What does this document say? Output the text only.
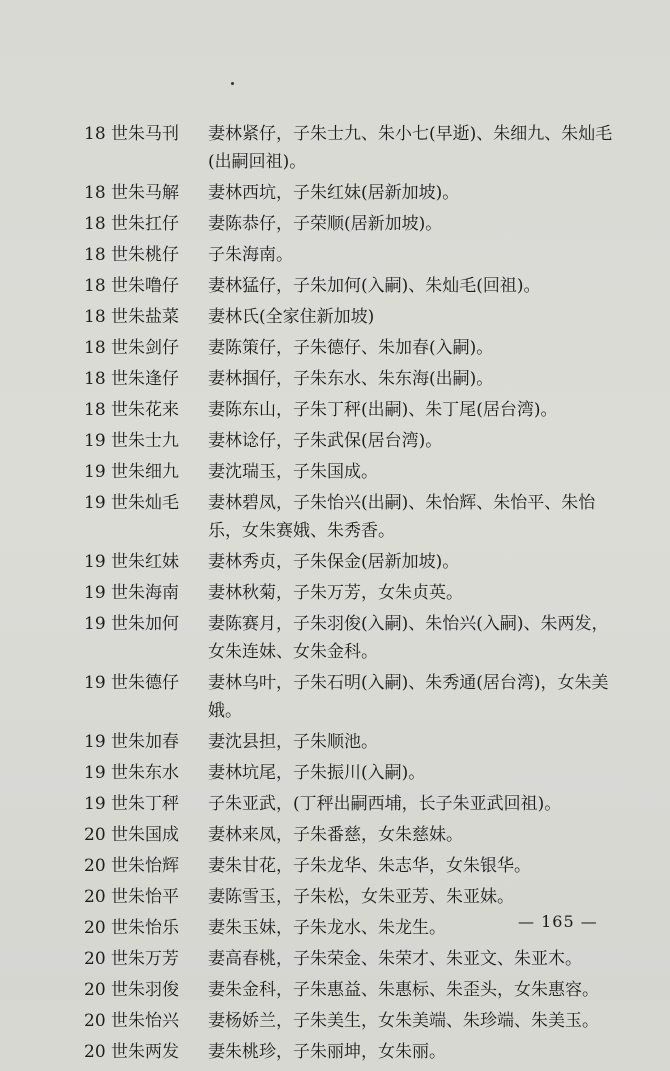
18 世朱马刊	妻林紧仔，子朱士九、朱小七(早逝)、朱细九、朱灿毛(出嗣回祖)。
18 世朱马解	妻林西坑，子朱红妹(居新加坡)。
18 世朱扛仔	妻陈恭仔，子荣顺(居新加坡)。
18 世朱桃仔	子朱海南。
18 世朱噜仔	妻林猛仔，子朱加何(入嗣)、朱灿毛(回祖)。
18 世朱盐菜	妻林氏(全家住新加坡)
18 世朱剑仔	妻陈策仔，子朱德仔、朱加春(入嗣)。
18 世朱逢仔	妻林掴仔，子朱东水、朱东海(出嗣)。
18 世朱花来	妻陈东山，子朱丁秤(出嗣)、朱丁尾(居台湾)。
19 世朱士九	妻林谂仔，子朱武保(居台湾)。
19 世朱细九	妻沈瑞玉，子朱国成。
19 世朱灿毛	妻林碧凤，子朱怡兴(出嗣)、朱怡辉、朱怡平、朱怡乐，女朱赛娥、朱秀香。
19 世朱红妹	妻林秀贞，子朱保金(居新加坡)。
19 世朱海南	妻林秋菊，子朱万芳，女朱贞英。
19 世朱加何	妻陈赛月，子朱羽俊(入嗣)、朱怡兴(入嗣)、朱两发，女朱连妹、女朱金科。
19 世朱德仔	妻林乌叶，子朱石明(入嗣)、朱秀通(居台湾)，女朱美娥。
19 世朱加春	妻沈县担，子朱顺池。
19 世朱东水	妻林坑尾，子朱振川(入嗣)。
19 世朱丁秤	子朱亚武，(丁秤出嗣西埔，长子朱亚武回祖)。
20 世朱国成	妻林来凤，子朱番慈，女朱慈妹。
20 世朱怡辉	妻朱甘花，子朱龙华、朱志华，女朱银华。
20 世朱怡平	妻陈雪玉，子朱松，女朱亚芳、朱亚妹。
20 世朱怡乐	妻朱玉妹，子朱龙水、朱龙生。
20 世朱万芳	妻高春桃，子朱荣金、朱荣才、朱亚文、朱亚木。
20 世朱羽俊	妻朱金科，子朱惠益、朱惠标、朱歪头，女朱惠容。
20 世朱怡兴	妻杨娇兰，子朱美生，女朱美端、朱珍端、朱美玉。
20 世朱两发	妻朱桃珍，子朱丽坤，女朱丽。
— 165 —
